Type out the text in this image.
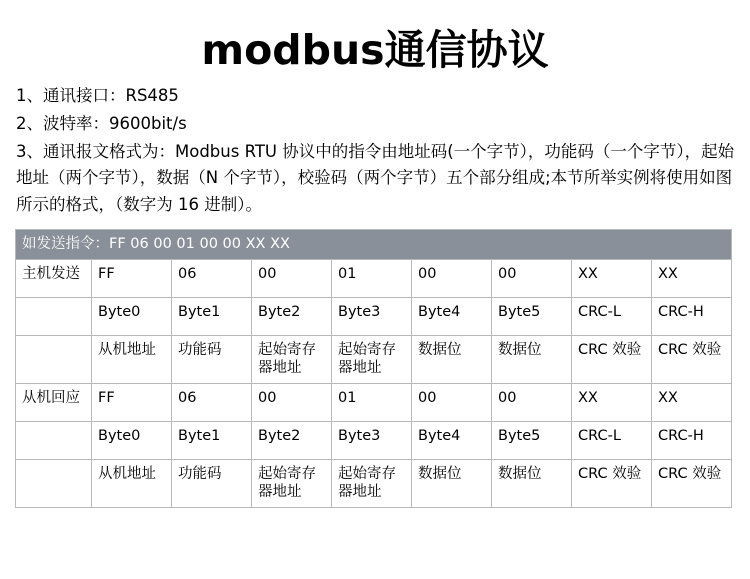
modbus通信协议

1、通讯接口：RS485

2、波特率：9600bit/s

3、通讯报文格式为：Modbus RTU 协议中的指令由地址码(一个字节），功能码（一个字节），起始地址（两个字节），数据（N 个字节），校验码（两个字节）五个部分组成;本节所举实例将使用如图所示的格式，（数字为 16 进制）。

如发送指令：FF 06 00 01 00 00 XX XX								
主机发送	FF	06	00	01	00	00	XX	XX
	Byte0	Byte1	Byte2	Byte3	Byte4	Byte5	CRC-L	CRC-H
	从机地址	功能码	起始寄存器地址	起始寄存器地址	数据位	数据位	CRC 效验	CRC 效验
从机回应	FF	06	00	01	00	00	XX	XX
	Byte0	Byte1	Byte2	Byte3	Byte4	Byte5	CRC-L	CRC-H
	从机地址	功能码	起始寄存器地址	起始寄存器地址	数据位	数据位	CRC 效验	CRC 效验
